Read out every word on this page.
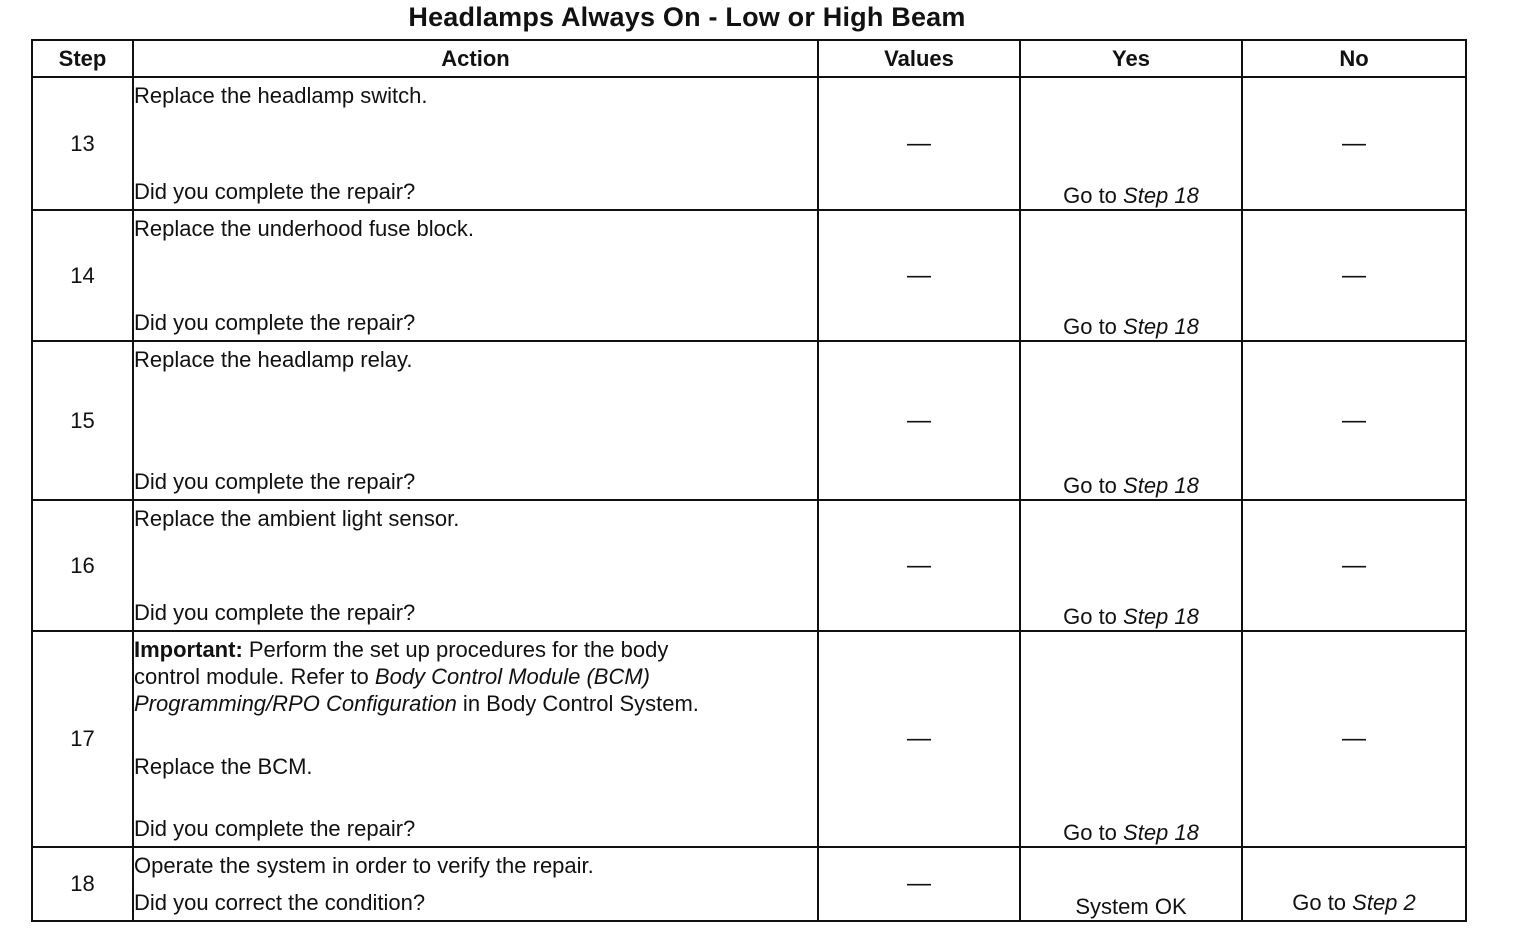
Headlamps Always On - Low or High Beam
Step	Action	Values	Yes	No
13	Replace the headlamp switch.
Did you complete the repair?	—	Go to Step 18	—
14	Replace the underhood fuse block.
Did you complete the repair?	—	Go to Step 18	—
15	Replace the headlamp relay.
Did you complete the repair?	—	Go to Step 18	—
16	Replace the ambient light sensor.
Did you complete the repair?	—	Go to Step 18	—
17	Important: Perform the set up procedures for the body
control module. Refer to Body Control Module (BCM)
Programming/RPO Configuration in Body Control System.
Replace the BCM.
Did you complete the repair?	—	Go to Step 18	—
18	Operate the system in order to verify the repair.
Did you correct the condition?	—	System OK	Go to Step 2
